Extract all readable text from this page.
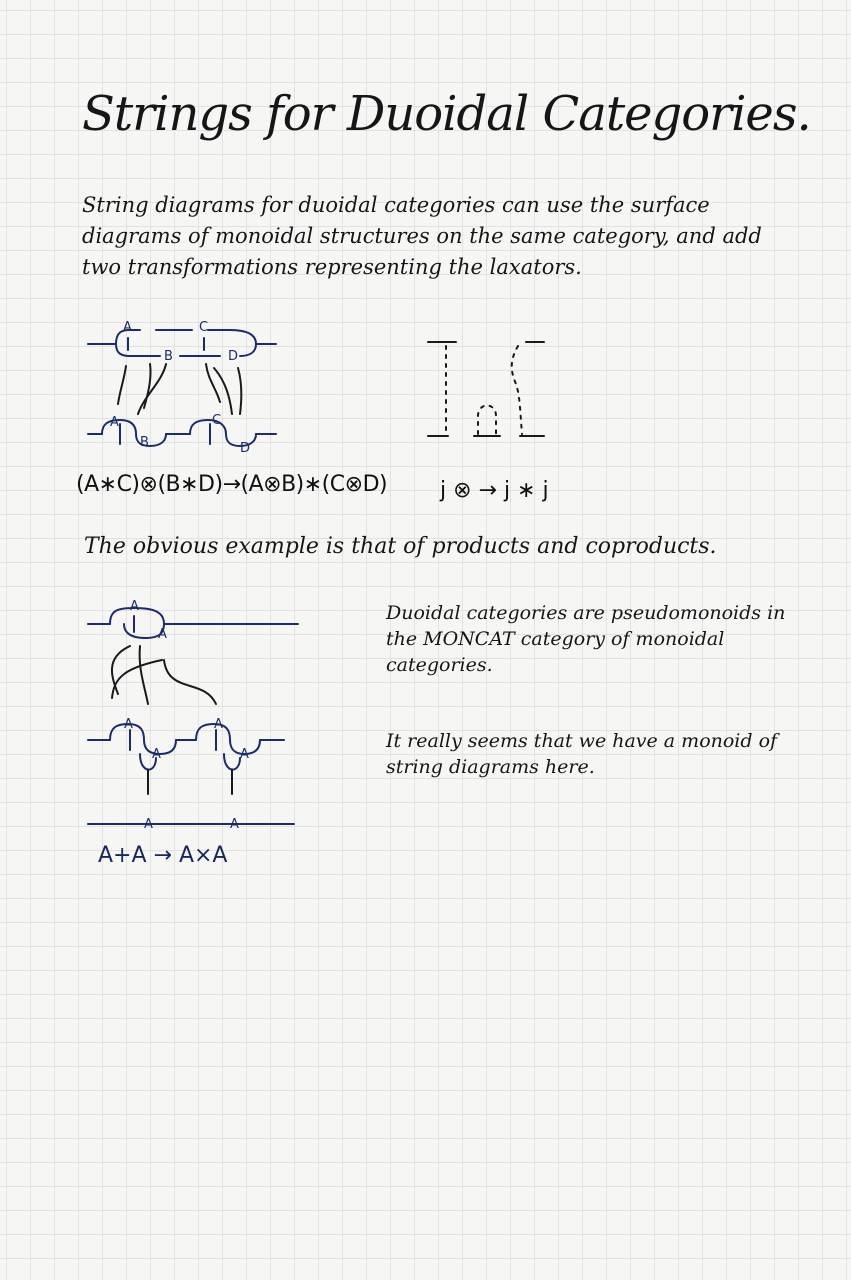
Strings for Duoidal Categories.
String diagrams for duoidal categories can use the surface diagrams of monoidal structures on the same category, and add two transformations representing the laxators.
A	C
B	D
A	C
B	D
(A∗C)⊗(B∗D)→(A⊗B)∗(C⊗D) j ⊗ → j ∗ j
The obvious example is that of products and coproducts.
A
A
A
A
A
A
A	A
A+A → A×A
Duoidal categories are pseudomonoids in the MONCAT category of monoidal categories.
It really seems that we have a monoid of string diagrams here.
